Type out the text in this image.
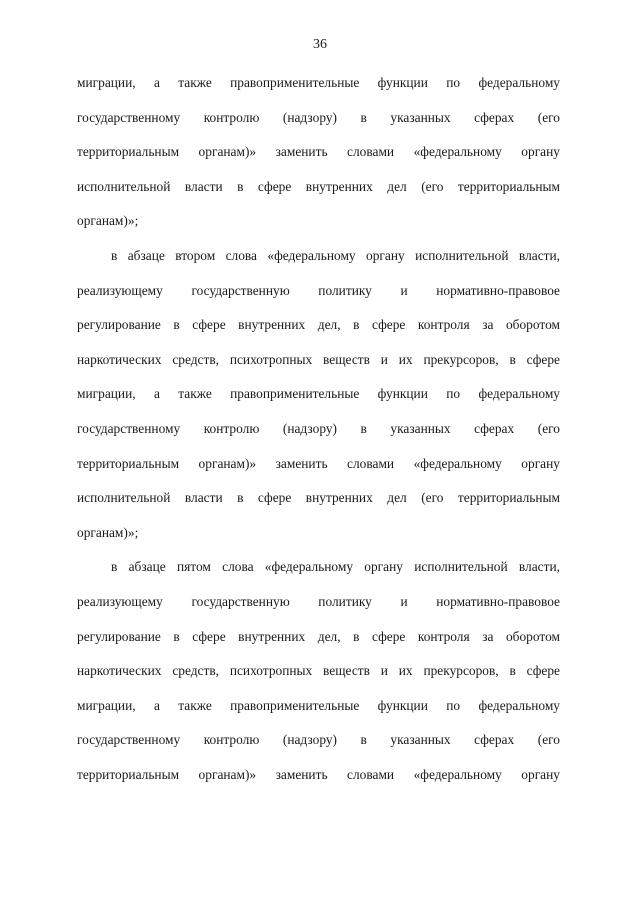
36
миграции, а также правоприменительные функции по федеральному
государственному контролю (надзору) в указанных сферах (его
территориальным органам)» заменить словами «федеральному органу
исполнительной власти в сфере внутренних дел (его территориальным
органам)»;
в абзаце втором слова «федеральному органу исполнительной власти,
реализующему государственную политику и нормативно-правовое
регулирование в сфере внутренних дел, в сфере контроля за оборотом
наркотических средств, психотропных веществ и их прекурсоров, в сфере
миграции, а также правоприменительные функции по федеральному
государственному контролю (надзору) в указанных сферах (его
территориальным органам)» заменить словами «федеральному органу
исполнительной власти в сфере внутренних дел (его территориальным
органам)»;
в абзаце пятом слова «федеральному органу исполнительной власти,
реализующему государственную политику и нормативно-правовое
регулирование в сфере внутренних дел, в сфере контроля за оборотом
наркотических средств, психотропных веществ и их прекурсоров, в сфере
миграции, а также правоприменительные функции по федеральному
государственному контролю (надзору) в указанных сферах (его
территориальным органам)» заменить словами «федеральному органу
